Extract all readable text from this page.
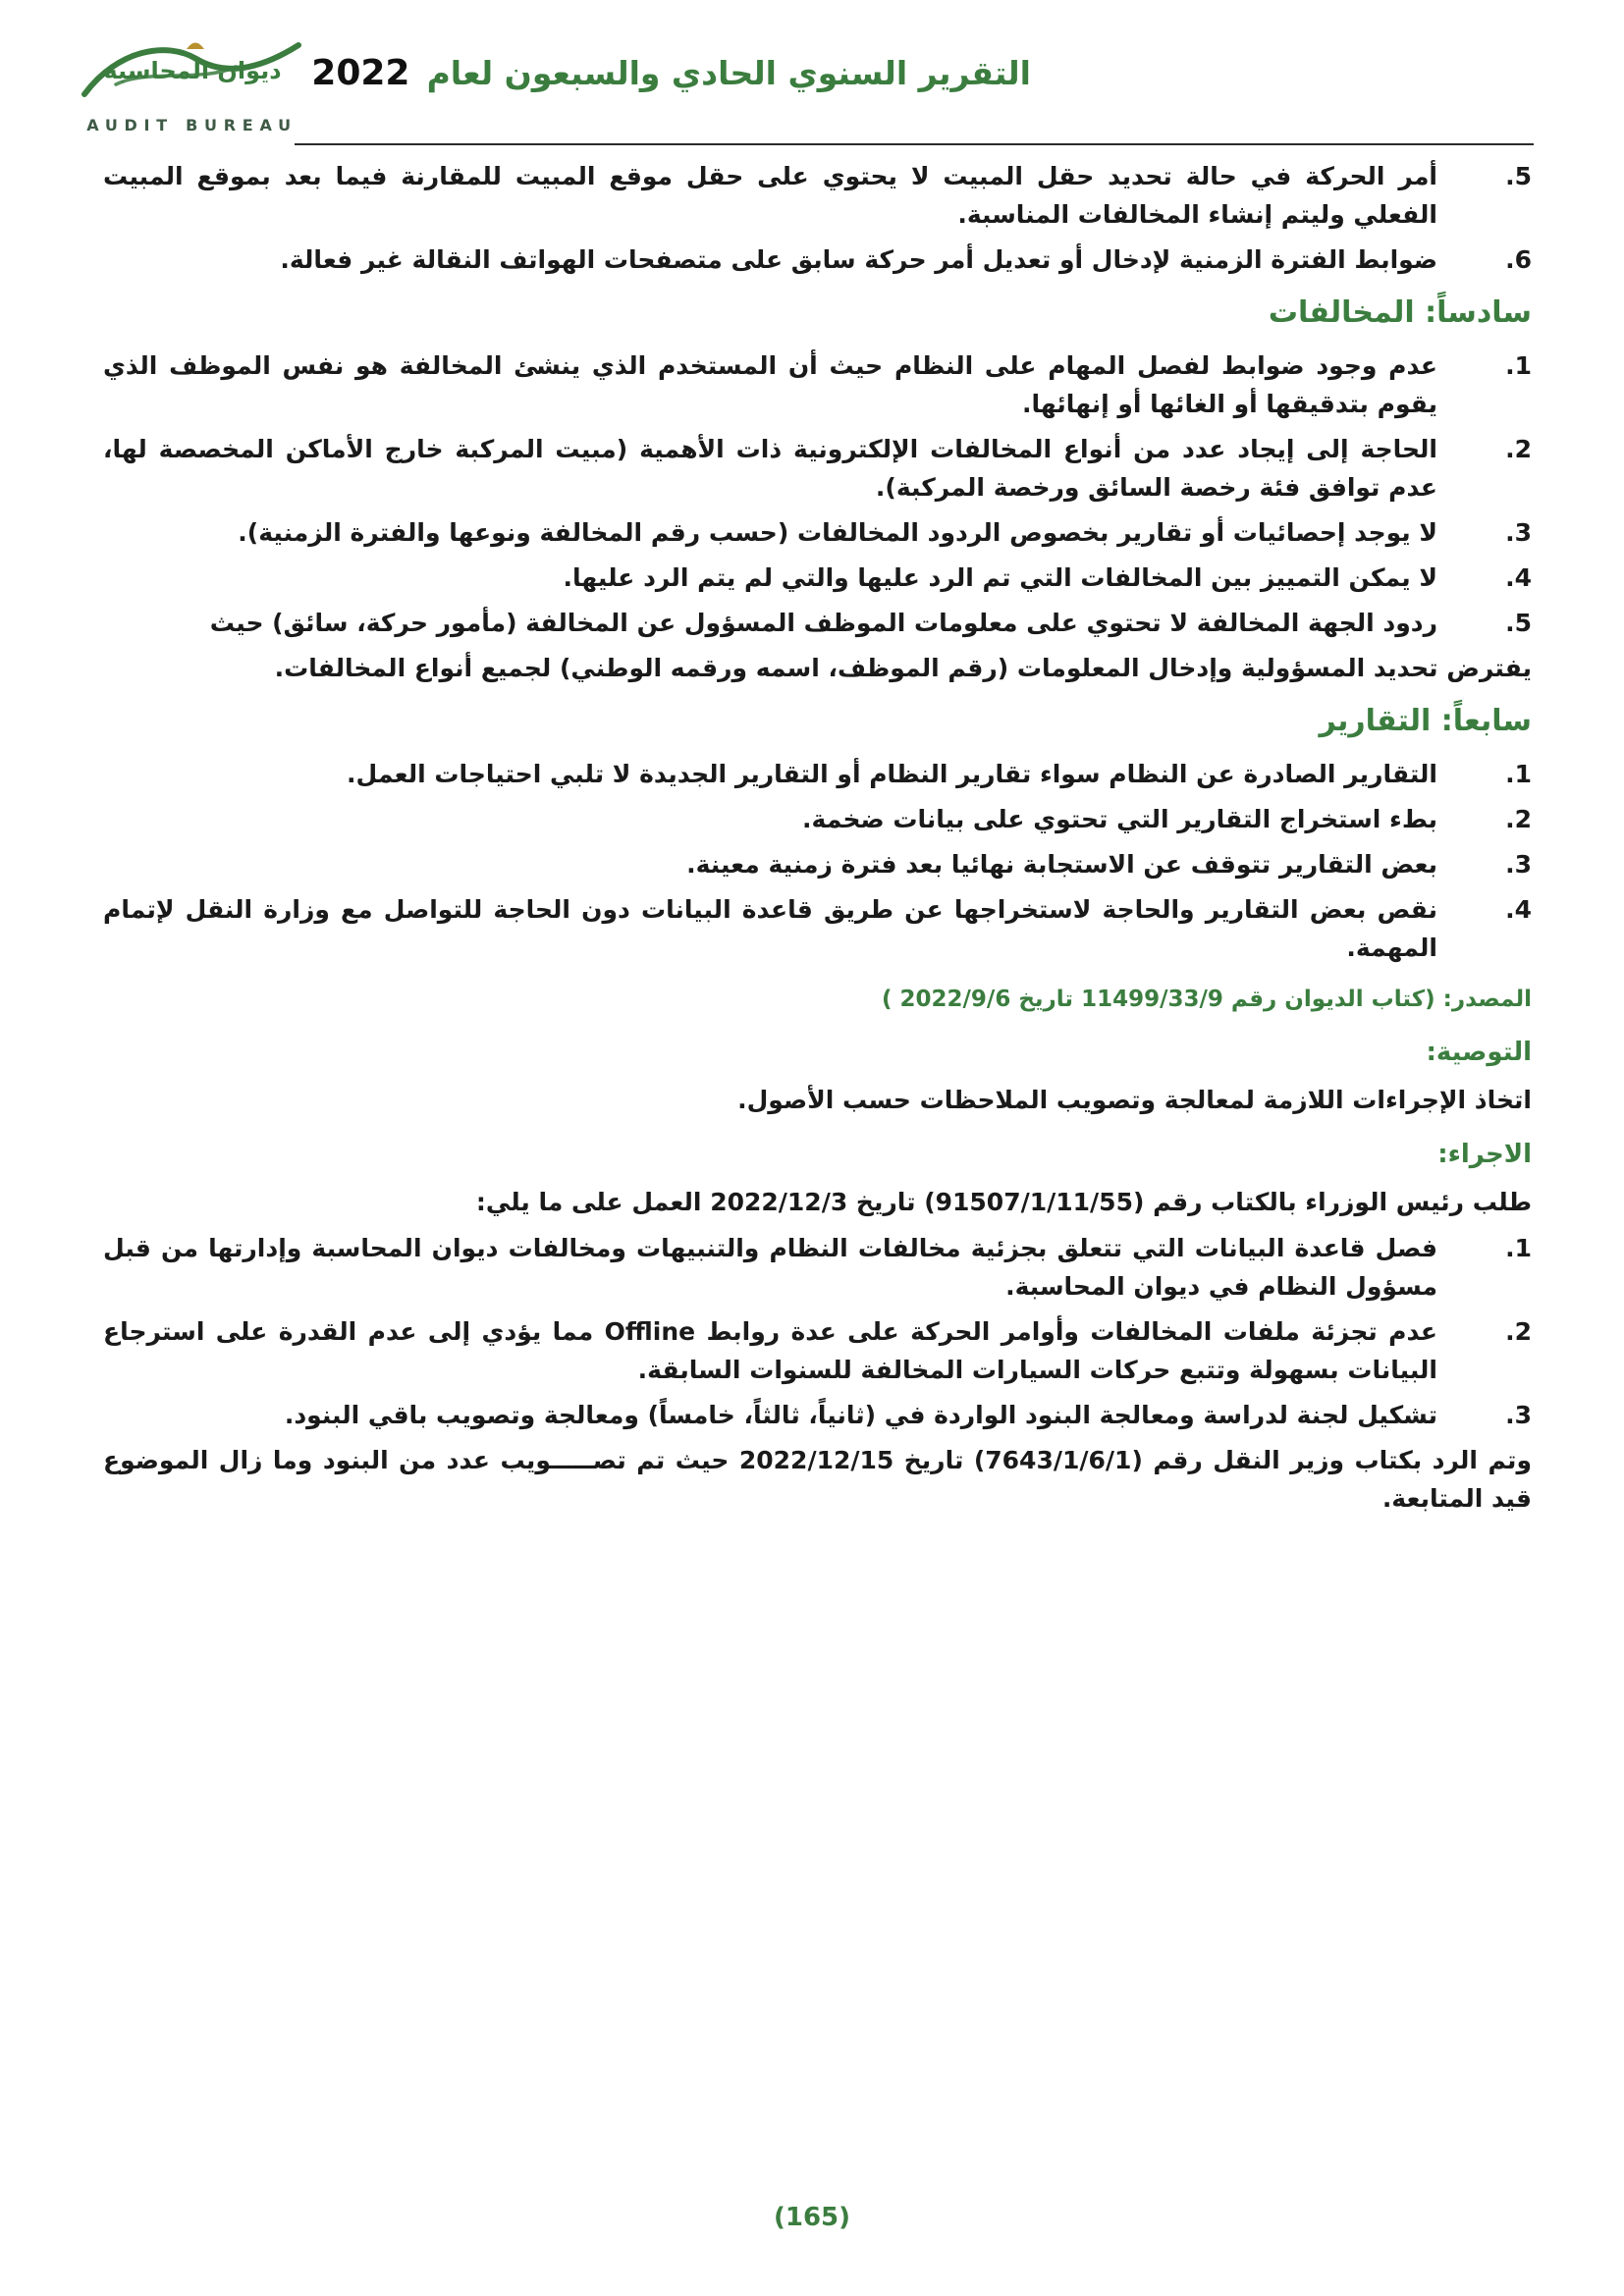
ديوان المحاسبة
AUDIT BUREAU
التقرير السنوي الحادي والسبعون لعام 2022
5.
أمر الحركة في حالة تحديد حقل المبيت لا يحتوي على حقل موقع المبيت للمقارنة فيما بعد بموقع المبيت الفعلي وليتم إنشاء المخالفات المناسبة.
6.
ضوابط الفترة الزمنية لإدخال أو تعديل أمر حركة سابق على متصفحات الهواتف النقالة غير فعالة.
سادساً: المخالفات
1.
عدم وجود ضوابط لفصل المهام على النظام حيث أن المستخدم الذي ينشئ المخالفة هو نفس الموظف الذي يقوم بتدقيقها أو الغائها أو إنهائها.
2.
الحاجة إلى إيجاد عدد من أنواع المخالفات الإلكترونية ذات الأهمية (مبيت المركبة خارج الأماكن المخصصة لها، عدم توافق فئة رخصة السائق ورخصة المركبة).
3.
لا يوجد إحصائيات أو تقارير بخصوص الردود المخالفات (حسب رقم المخالفة ونوعها والفترة الزمنية).
4.
لا يمكن التمييز بين المخالفات التي تم الرد عليها والتي لم يتم الرد عليها.
5.
ردود الجهة المخالفة لا تحتوي على معلومات الموظف المسؤول عن المخالفة (مأمور حركة، سائق) حيث

يفترض تحديد المسؤولية وإدخال المعلومات (رقم الموظف، اسمه ورقمه الوطني) لجميع أنواع المخالفات.

سابعاً: التقارير
1.
التقارير الصادرة عن النظام سواء تقارير النظام أو التقارير الجديدة لا تلبي احتياجات العمل.
2.
بطء استخراج التقارير التي تحتوي على بيانات ضخمة.
3.
بعض التقارير تتوقف عن الاستجابة نهائيا بعد فترة زمنية معينة.
4.
نقص بعض التقارير والحاجة لاستخراجها عن طريق قاعدة البيانات دون الحاجة للتواصل مع وزارة النقل لإتمام المهمة.
المصدر: (كتاب الديوان رقم 11499/33/9 تاريخ 2022/9/6 )
التوصية:

اتخاذ الإجراءات اللازمة لمعالجة وتصويب الملاحظات حسب الأصول.

الاجراء:

طلب رئيس الوزراء بالكتاب رقم (91507/1/11/55) تاريخ 2022/12/3 العمل على ما يلي:

1.
فصل قاعدة البيانات التي تتعلق بجزئية مخالفات النظام والتنبيهات ومخالفات ديوان المحاسبة وإدارتها من قبل مسؤول النظام في ديوان المحاسبة.
2.
عدم تجزئة ملفات المخالفات وأوامر الحركة على عدة روابط Offline مما يؤدي إلى عدم القدرة على استرجاع البيانات بسهولة وتتبع حركات السيارات المخالفة للسنوات السابقة.
3.
تشكيل لجنة لدراسة ومعالجة البنود الواردة في (ثانياً، ثالثاً، خامساً) ومعالجة وتصويب باقي البنود.

وتم الرد بكتاب وزير النقل رقم (7643/1/6/1) تاريخ 2022/12/15 حيث تم تصـــــويب عدد من البنود وما زال الموضوع قيد المتابعة.

(165)
